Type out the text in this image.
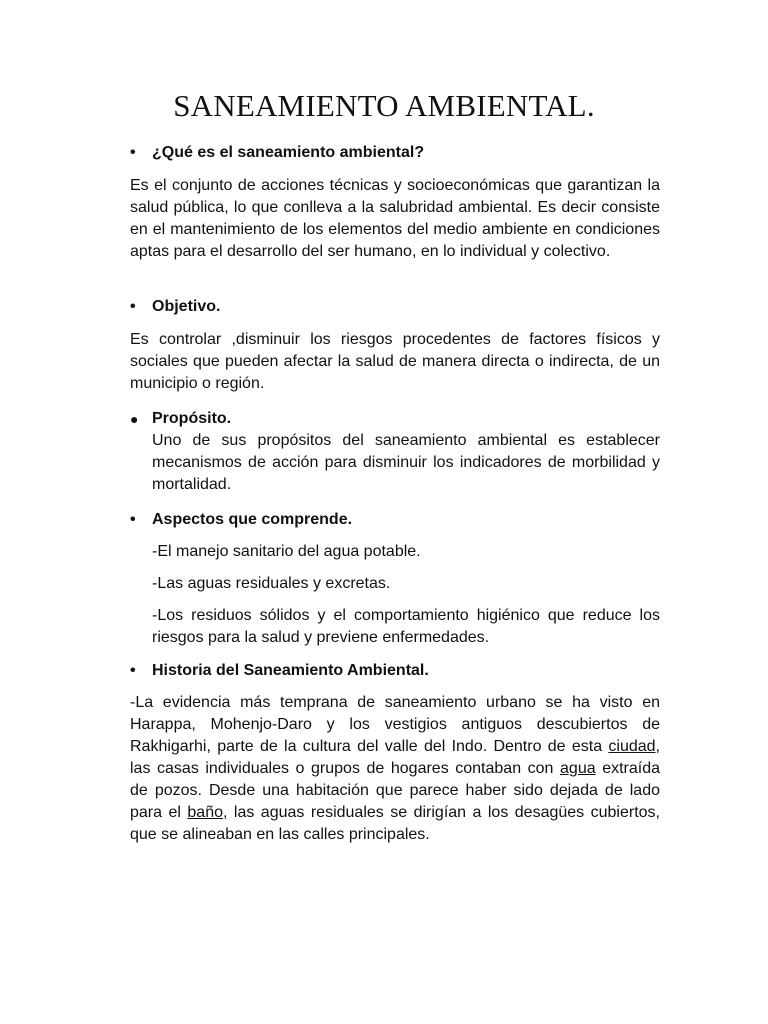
SANEAMIENTO AMBIENTAL.
• ¿Qué es el saneamiento ambiental?

Es el conjunto de acciones técnicas y socioeconómicas que garantizan la salud pública, lo que conlleva a la salubridad ambiental. Es decir consiste en el mantenimiento de los elementos del medio ambiente en condiciones aptas para el desarrollo del ser humano, en lo individual y colectivo.

• Objetivo.

Es controlar ,disminuir los riesgos procedentes de factores físicos y sociales que pueden afectar la salud de manera directa o indirecta, de un municipio o región.

● Propósito.

Uno de sus propósitos del saneamiento ambiental es establecer mecanismos de acción para disminuir los indicadores de morbilidad y mortalidad.

• Aspectos que comprende.

-El manejo sanitario del agua potable.

-Las aguas residuales y excretas.

-Los residuos sólidos y el comportamiento higiénico que reduce los riesgos para la salud y previene enfermedades.

• Historia del Saneamiento Ambiental.

-La evidencia más temprana de saneamiento urbano se ha visto en Harappa, Mohenjo-Daro y los vestigios antiguos descubiertos de Rakhigarhi, parte de la cultura del valle del Indo. Dentro de esta ciudad, las casas individuales o grupos de hogares contaban con agua extraída de pozos. Desde una habitación que parece haber sido dejada de lado para el baño, las aguas residuales se dirigían a los desagües cubiertos, que se alineaban en las calles principales.
